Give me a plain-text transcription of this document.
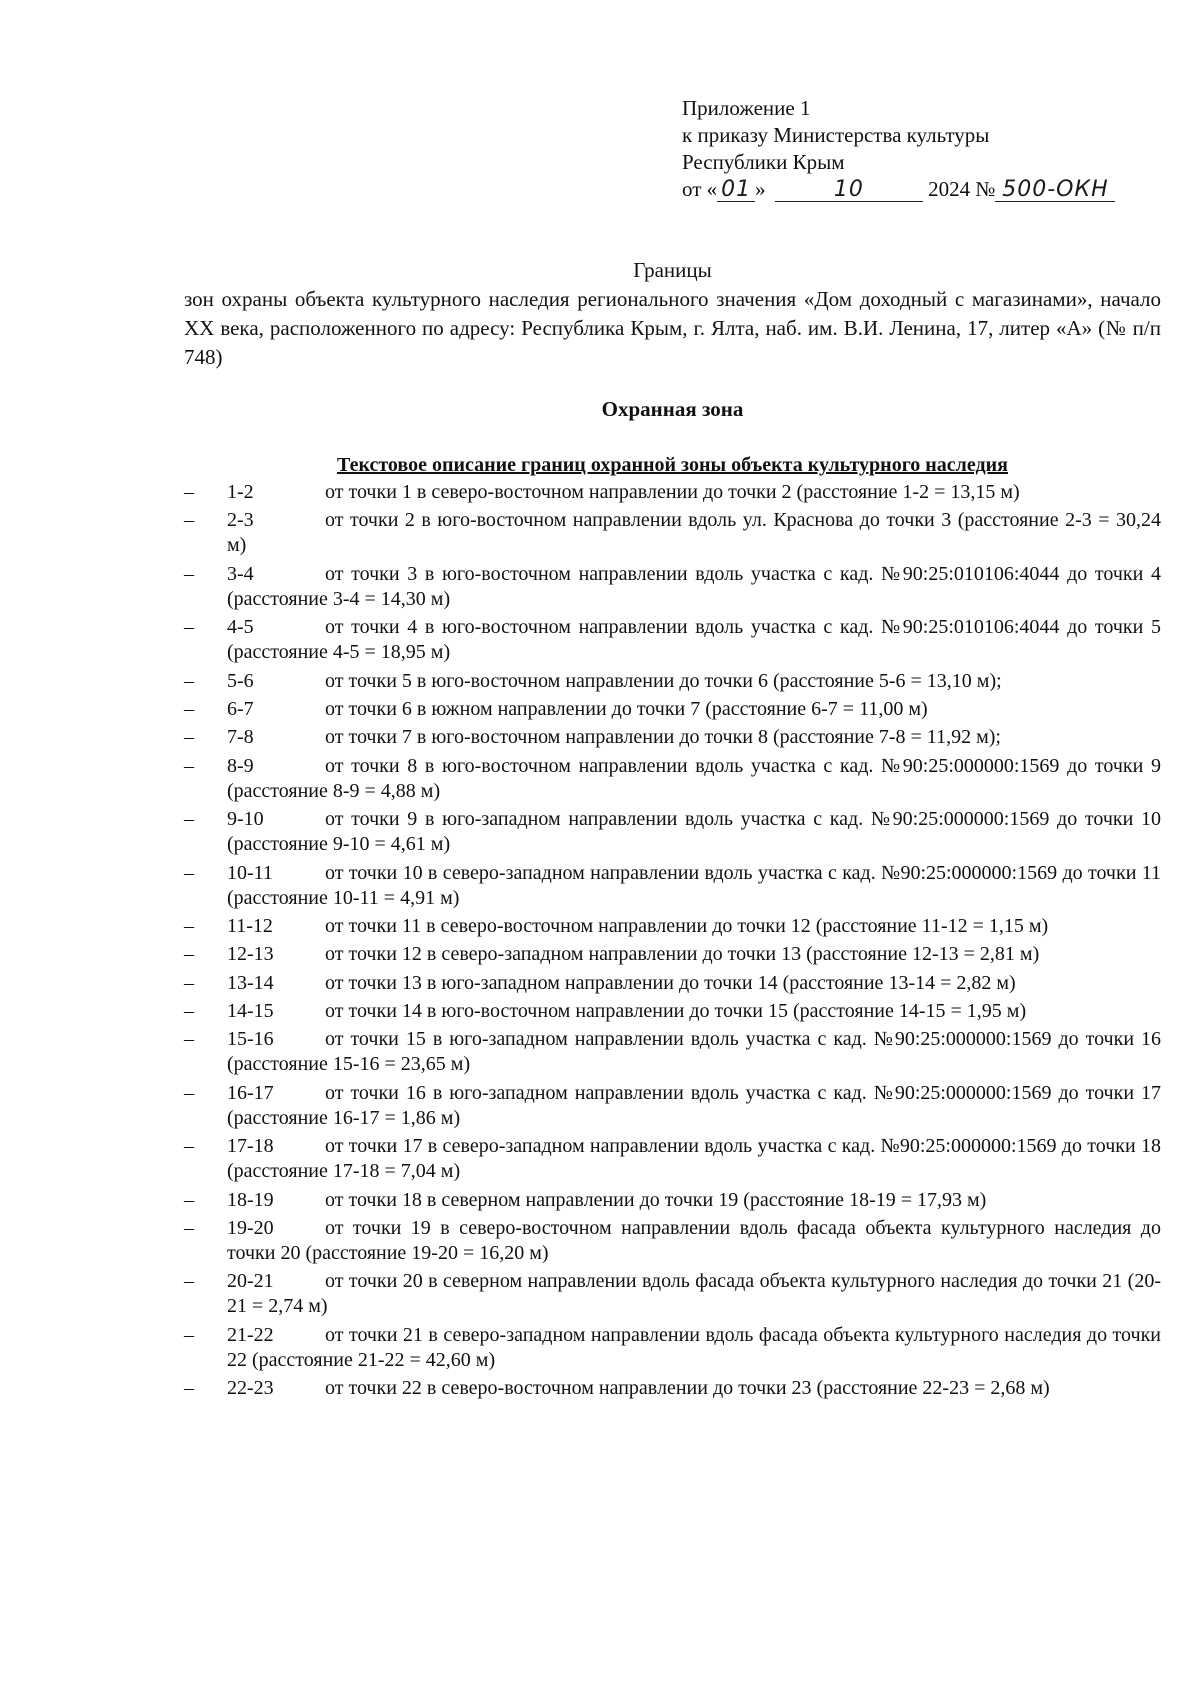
Приложение 1
к приказу Министерства культуры
Республики Крым
от « 01 »	10	2024 № 500-ОКН
Границы
зон охраны объекта культурного наследия регионального значения «Дом доходный с магазинами», начало XX века, расположенного по адресу: Республика Крым, г. Ялта, наб. им. В.И. Ленина, 17, литер «А» (№ п/п 748)
Охранная зона
Текстовое описание границ охранной зоны объекта культурного наследия
– 1-2	от точки 1 в северо-восточном направлении до точки 2 (расстояние 1-2 = 13,15 м)
– 2-3	от точки 2 в юго-восточном направлении вдоль ул. Краснова до точки 3 (расстояние 2-3 = 30,24 м)
– 3-4	от точки 3 в юго-восточном направлении вдоль участка с кад. №90:25:010106:4044 до точки 4 (расстояние 3-4 = 14,30 м)
– 4-5	от точки 4 в юго-восточном направлении вдоль участка с кад. №90:25:010106:4044 до точки 5 (расстояние 4-5 = 18,95 м)
– 5-6	от точки 5 в юго-восточном направлении до точки 6 (расстояние 5-6 = 13,10 м);
– 6-7	от точки 6 в южном направлении до точки 7 (расстояние 6-7 = 11,00 м)
– 7-8	от точки 7 в юго-восточном направлении до точки 8 (расстояние 7-8 = 11,92 м);
– 8-9	от точки 8 в юго-восточном направлении вдоль участка с кад. №90:25:000000:1569 до точки 9 (расстояние 8-9 = 4,88 м)
– 9-10	от точки 9 в юго-западном направлении вдоль участка с кад. №90:25:000000:1569 до точки 10 (расстояние 9-10 = 4,61 м)
– 10-11	от точки 10 в северо-западном направлении вдоль участка с кад. №90:25:000000:1569 до точки 11 (расстояние 10-11 = 4,91 м)
– 11-12	от точки 11 в северо-восточном направлении до точки 12 (расстояние 11-12 = 1,15 м)
– 12-13	от точки 12 в северо-западном направлении до точки 13 (расстояние 12-13 = 2,81 м)
– 13-14	от точки 13 в юго-западном направлении до точки 14 (расстояние 13-14 = 2,82 м)
– 14-15	от точки 14 в юго-восточном направлении до точки 15 (расстояние 14-15 = 1,95 м)
– 15-16	от точки 15 в юго-западном направлении вдоль участка с кад. №90:25:000000:1569 до точки 16 (расстояние 15-16 = 23,65 м)
– 16-17	от точки 16 в юго-западном направлении вдоль участка с кад. №90:25:000000:1569 до точки 17 (расстояние 16-17 = 1,86 м)
– 17-18	от точки 17 в северо-западном направлении вдоль участка с кад. №90:25:000000:1569 до точки 18 (расстояние 17-18 = 7,04 м)
– 18-19	от точки 18 в северном направлении до точки 19 (расстояние 18-19 = 17,93 м)
– 19-20	от точки 19 в северо-восточном направлении вдоль фасада объекта культурного наследия до точки 20 (расстояние 19-20 = 16,20 м)
– 20-21	от точки 20 в северном направлении вдоль фасада объекта культурного наследия до точки 21 (20-21 = 2,74 м)
– 21-22	от точки 21 в северо-западном направлении вдоль фасада объекта культурного наследия до точки 22 (расстояние 21-22 = 42,60 м)
– 22-23	от точки 22 в северо-восточном направлении до точки 23 (расстояние 22-23 = 2,68 м)
